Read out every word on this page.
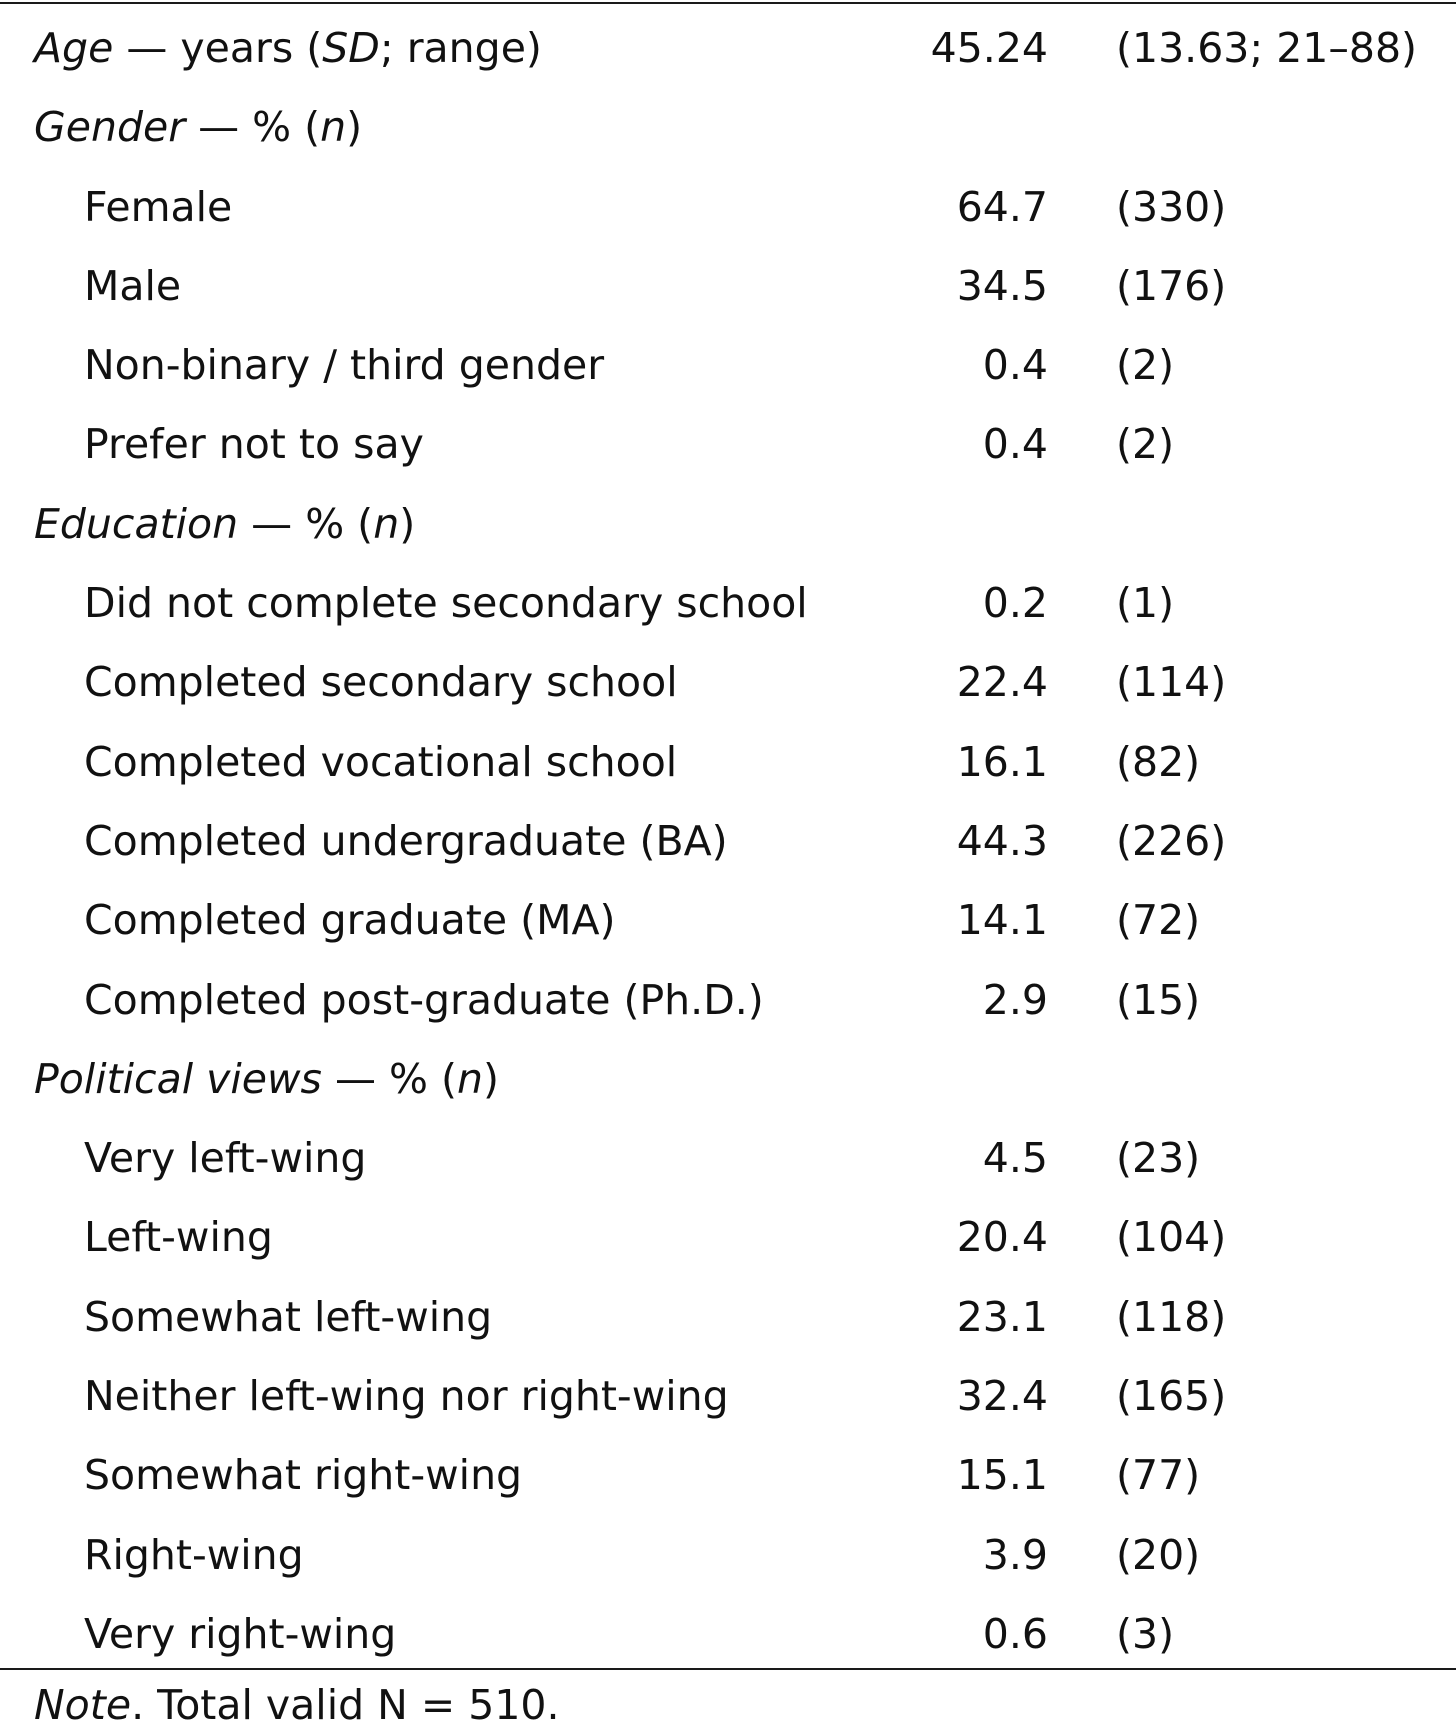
Age — years (SD; range)	45.24 (13.63; 21–88)
Gender — % (n)
Female	64.7 (330)
Male	34.5 (176)
Non-binary / third gender	0.4 (2)
Prefer not to say	0.4 (2)
Education — % (n)
Did not complete secondary school	0.2 (1)
Completed secondary school	22.4 (114)
Completed vocational school	16.1 (82)
Completed undergraduate (BA)	44.3 (226)
Completed graduate (MA)	14.1 (72)
Completed post-graduate (Ph.D.)	2.9 (15)
Political views — % (n)
Very left-wing	4.5 (23)
Left-wing	20.4 (104)
Somewhat left-wing	23.1 (118)
Neither left-wing nor right-wing	32.4 (165)
Somewhat right-wing	15.1 (77)
Right-wing	3.9 (20)
Very right-wing	0.6 (3)
Note. Total valid N = 510.
